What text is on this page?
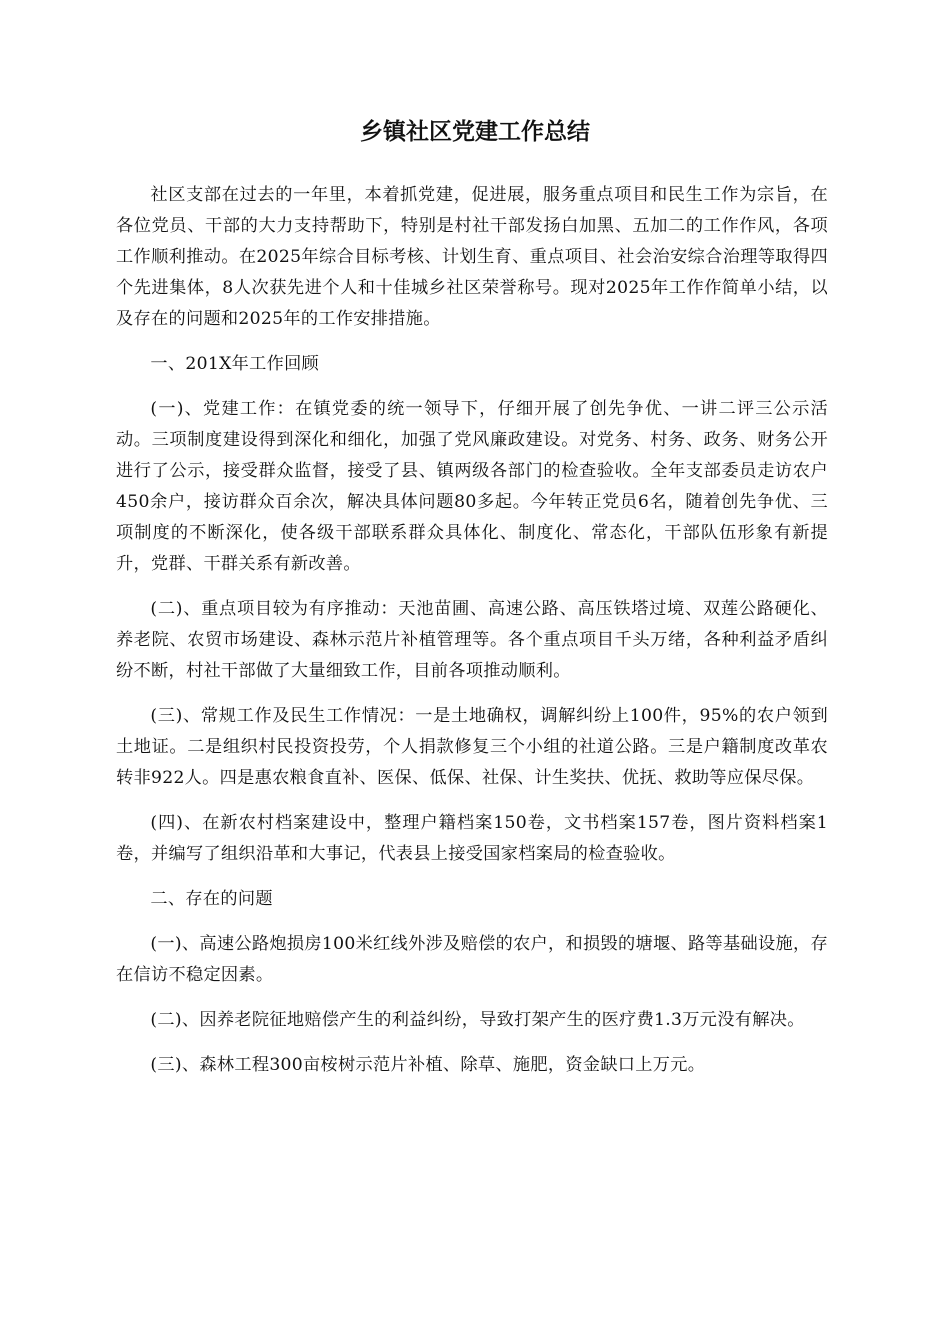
乡镇社区党建工作总结

社区支部在过去的一年里，本着抓党建，促进展，服务重点项目和民生工作为宗旨，在各位党员、干部的大力支持帮助下，特别是村社干部发扬白加黑、五加二的工作作风，各项工作顺利推动。在2025年综合目标考核、计划生育、重点项目、社会治安综合治理等取得四个先进集体，8人次获先进个人和十佳城乡社区荣誉称号。现对2025年工作作简单小结，以及存在的问题和2025年的工作安排措施。

一、201X年工作回顾

(一)、党建工作：在镇党委的统一领导下，仔细开展了创先争优、一讲二评三公示活动。三项制度建设得到深化和细化，加强了党风廉政建设。对党务、村务、政务、财务公开进行了公示，接受群众监督，接受了县、镇两级各部门的检查验收。全年支部委员走访农户450余户，接访群众百余次，解决具体问题80多起。今年转正党员6名，随着创先争优、三项制度的不断深化，使各级干部联系群众具体化、制度化、常态化，干部队伍形象有新提升，党群、干群关系有新改善。

(二)、重点项目较为有序推动：天池苗圃、高速公路、高压铁塔过境、双莲公路硬化、养老院、农贸市场建设、森林示范片补植管理等。各个重点项目千头万绪，各种利益矛盾纠纷不断，村社干部做了大量细致工作，目前各项推动顺利。

(三)、常规工作及民生工作情况：一是土地确权，调解纠纷上100件，95%的农户领到土地证。二是组织村民投资投劳，个人捐款修复三个小组的社道公路。三是户籍制度改革农转非922人。四是惠农粮食直补、医保、低保、社保、计生奖扶、优抚、救助等应保尽保。

(四)、在新农村档案建设中，整理户籍档案150卷，文书档案157卷，图片资料档案1卷，并编写了组织沿革和大事记，代表县上接受国家档案局的检查验收。

二、存在的问题

(一)、高速公路炮损房100米红线外涉及赔偿的农户，和损毁的塘堰、路等基础设施，存在信访不稳定因素。

(二)、因养老院征地赔偿产生的利益纠纷，导致打架产生的医疗费1.3万元没有解决。

(三)、森林工程300亩桉树示范片补植、除草、施肥，资金缺口上万元。
